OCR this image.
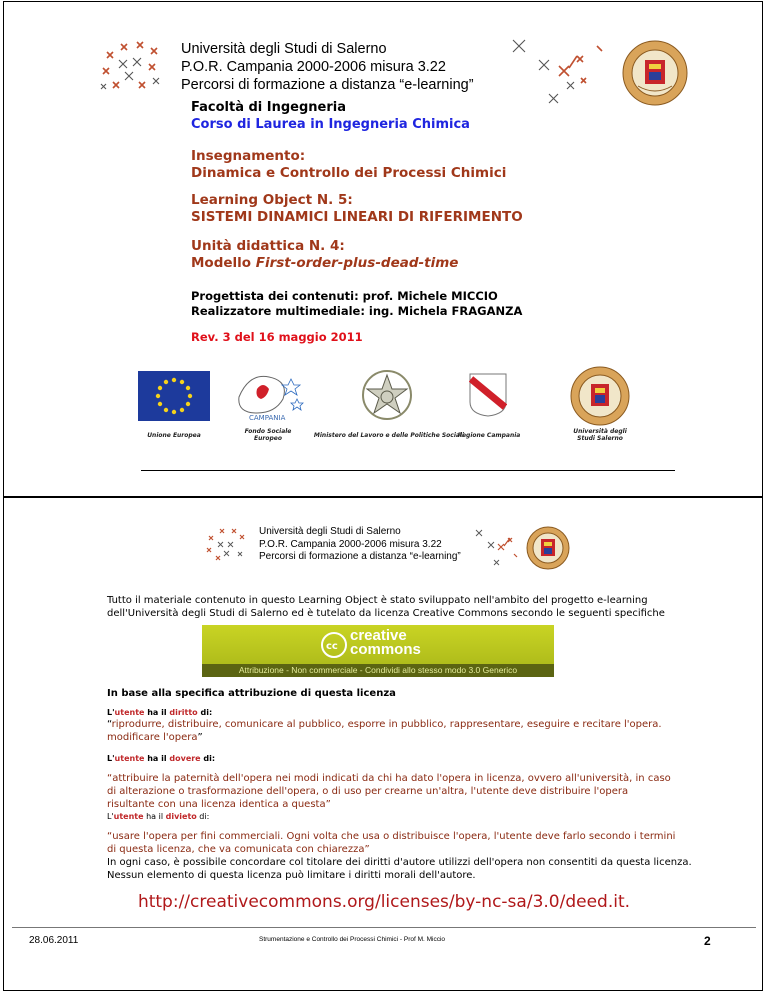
Università degli Studi di Salerno
P.O.R. Campania 2000-2006 misura 3.22
Percorsi di formazione a distanza “e-learning”
Facoltà di Ingegneria
Corso di Laurea in Ingegneria Chimica
Insegnamento:
Dinamica e Controllo dei Processi Chimici
Learning Object N. 5:
SISTEMI DINAMICI LINEARI DI RIFERIMENTO
Unità didattica N. 4:
Modello First-order-plus-dead-time
Progettista dei contenuti: prof. Michele MICCIO
Realizzatore multimediale: ing. Michela FRAGANZA
Rev. 3 del 16 maggio 2011
CAMPANIA
Unione Europea
Fondo Sociale Europeo	Ministero del Lavoro e delle Politiche Sociali
Regione Campania
Università degli Studi Salerno
Università degli Studi di Salerno
P.O.R. Campania 2000-2006 misura 3.22
Percorsi di formazione a distanza “e-learning”
Tutto il materiale contenuto in questo Learning Object è stato sviluppato nell'ambito del progetto e-learning dell'Università degli Studi di Salerno ed è tutelato da licenza Creative Commons secondo le seguenti specifiche
cc
creative
commons
Attribuzione - Non commerciale - Condividi allo stesso modo 3.0 Generico
In base alla specifica attribuzione di questa licenza
L'utente ha il diritto di:
“riprodurre, distribuire, comunicare al pubblico, esporre in pubblico, rappresentare, eseguire e recitare l'opera. modificare l'opera”
L'utente ha il dovere di:
“attribuire la paternità dell'opera nei modi indicati da chi ha dato l'opera in licenza, ovvero all'università, in caso di alterazione o trasformazione dell'opera, o di uso per crearne un'altra, l'utente deve distribuire l'opera risultante con una licenza identica a questa”
L'utente ha il divieto di:
“usare l'opera per fini commerciali. Ogni volta che usa o distribuisce l'opera, l'utente deve farlo secondo i termini di questa licenza, che va comunicata con chiarezza”
In ogni caso, è possibile concordare col titolare dei diritti d'autore utilizzi dell'opera non consentiti da questa licenza.
Nessun elemento di questa licenza può limitare i diritti morali dell'autore.
http://creativecommons.org/licenses/by-nc-sa/3.0/deed.it.
28.06.2011	Strumentazione e Controllo dei Processi Chimici - Prof M. Miccio	2
